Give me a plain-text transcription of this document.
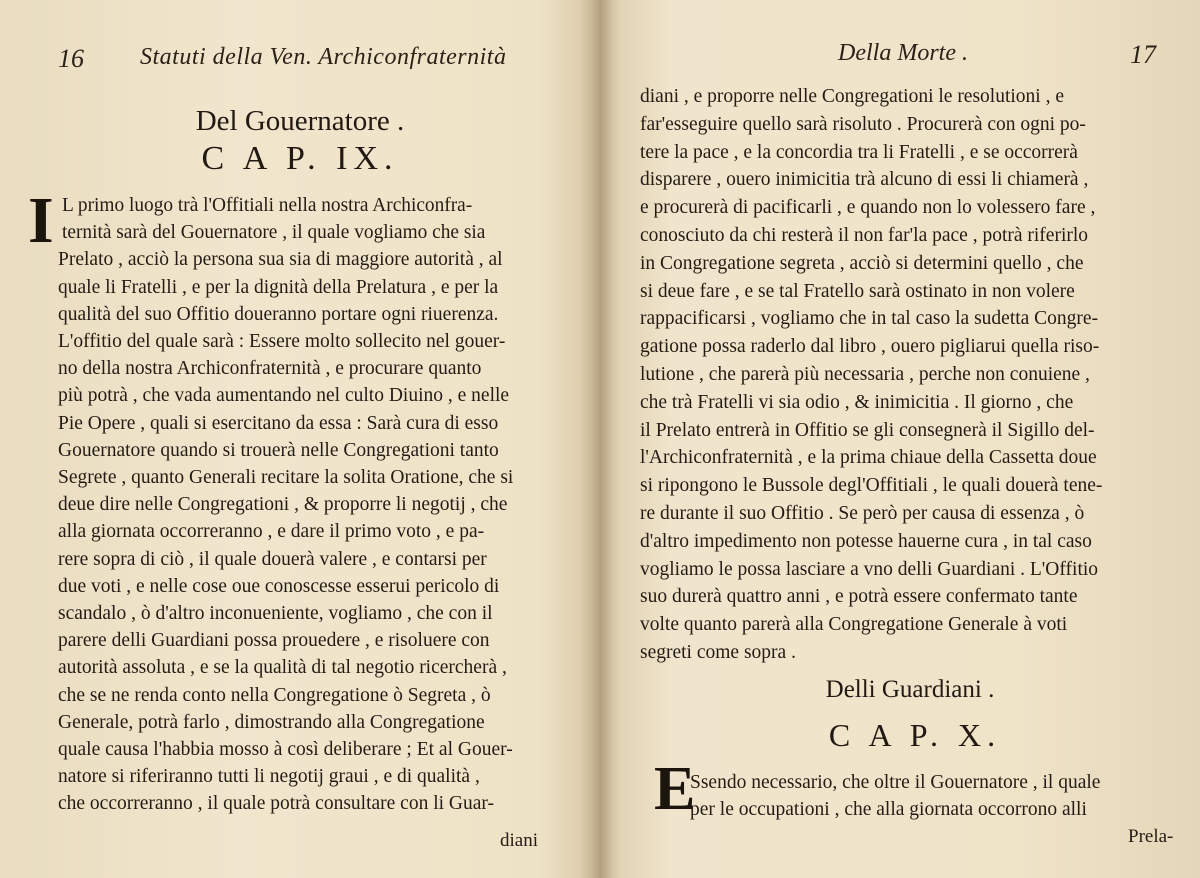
16 Statuti della Ven. Archiconfraternità
Del Gouernatore .
C A P. IX.
I L primo luogo trà l'Offitiali nella nostra Archiconfra-
ternità sarà del Gouernatore , il quale vogliamo che sia
Prelato , acciò la persona sua sia di maggiore autorità , al
quale li Fratelli , e per la dignità della Prelatura , e per la
qualità del suo Offitio doueranno portare ogni riuerenza.
L'offitio del quale sarà : Essere molto sollecito nel gouer-
no della nostra Archiconfraternità , e procurare quanto
più potrà , che vada aumentando nel culto Diuino , e nelle
Pie Opere , quali si esercitano da essa : Sarà cura di esso
Gouernatore quando si trouerà nelle Congregationi tanto
Segrete , quanto Generali recitare la solita Oratione, che si
deue dire nelle Congregationi , & proporre li negotij , che
alla giornata occorreranno , e dare il primo voto , e pa-
rere sopra di ciò , il quale douerà valere , e contarsi per
due voti , e nelle cose oue conoscesse esserui pericolo di
scandalo , ò d'altro inconueniente, vogliamo , che con il
parere delli Guardiani possa prouedere , e risoluere con
autorità assoluta , e se la qualità di tal negotio ricercherà ,
che se ne renda conto nella Congregatione ò Segreta , ò
Generale, potrà farlo , dimostrando alla Congregatione
quale causa l'habbia mosso à così deliberare ; Et al Gouer-
natore si riferiranno tutti li negotij graui , e di qualità ,
che occorreranno , il quale potrà consultare con li Guar-
diani
Della Morte .	17
diani , e proporre nelle Congregationi le resolutioni , e
far'esseguire quello sarà risoluto . Procurerà con ogni po-
tere la pace , e la concordia tra li Fratelli , e se occorrerà
disparere , ouero inimicitia trà alcuno di essi li chiamerà ,
e procurerà di pacificarli , e quando non lo volessero fare ,
conosciuto da chi resterà il non far'la pace , potrà riferirlo
in Congregatione segreta , acciò si determini quello , che
si deue fare , e se tal Fratello sarà ostinato in non volere
rappacificarsi , vogliamo che in tal caso la sudetta Congre-
gatione possa raderlo dal libro , ouero pigliarui quella riso-
lutione , che parerà più necessaria , perche non conuiene ,
che trà Fratelli vi sia odio , & inimicitia . Il giorno , che
il Prelato entrerà in Offitio se gli consegnerà il Sigillo del-
l'Archiconfraternità , e la prima chiaue della Cassetta doue
si ripongono le Bussole degl'Offitiali , le quali douerà tene-
re durante il suo Offitio . Se però per causa di essenza , ò
d'altro impedimento non potesse hauerne cura , in tal caso
vogliamo le possa lasciare a vno delli Guardiani . L'Offitio
suo durerà quattro anni , e potrà essere confermato tante
volte quanto parerà alla Congregatione Generale à voti
segreti come sopra .
Delli Guardiani .
C A P. X.
E
Ssendo necessario, che oltre il Gouernatore , il quale
per le occupationi , che alla giornata occorrono alli
Prela-
